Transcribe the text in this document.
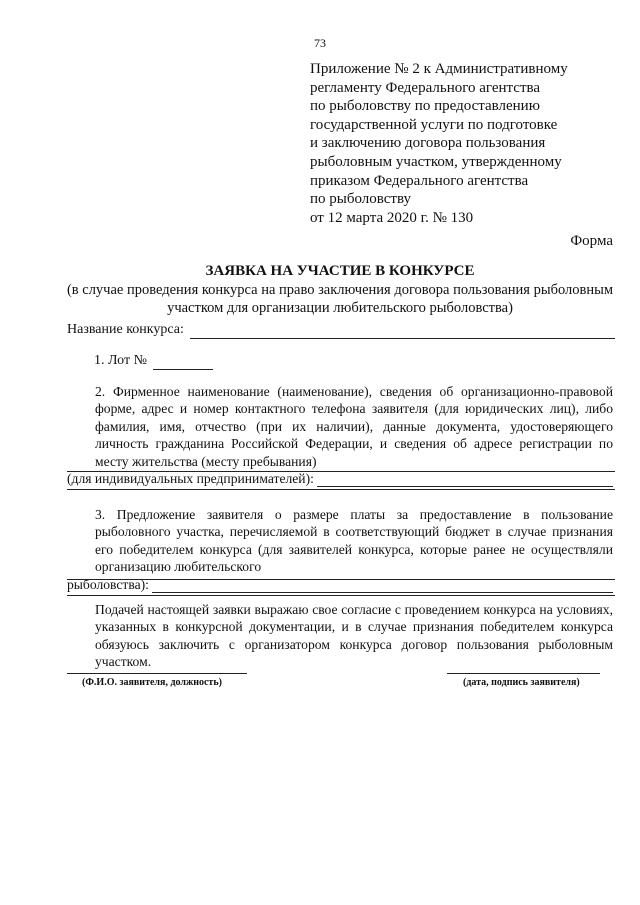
73
Приложение № 2 к Административному
регламенту Федерального агентства
по рыболовству по предоставлению
государственной услуги по подготовке
и заключению договора пользования
рыболовным участком, утвержденному
приказом Федерального агентства
по рыболовству
от 12 марта 2020 г. № 130
Форма
ЗАЯВКА НА УЧАСТИЕ В КОНКУРСЕ
(в случае проведения конкурса на право заключения договора пользования рыболовным
участком для организации любительского рыболовства)
Название конкурса:
1. Лот №
2. Фирменное наименование (наименование), сведения об организационно-правовой форме, адрес и номер контактного телефона заявителя (для юридических лиц), либо фамилия, имя, отчество (при их наличии), данные документа, удостоверяющего личность гражданина Российской Федерации, и сведения об адресе регистрации по месту жительства (месту пребывания)
(для индивидуальных предпринимателей):
3. Предложение заявителя о размере платы за предоставление в пользование рыболовного участка, перечисляемой в соответствующий бюджет в случае признания его победителем конкурса (для заявителей конкурса, которые ранее не осуществляли организацию любительского
рыболовства):
Подачей настоящей заявки выражаю свое согласие с проведением конкурса на условиях, указанных в конкурсной документации, и в случае признания победителем конкурса обязуюсь заключить с организатором конкурса договор пользования рыболовным участком.
(Ф.И.О. заявителя, должность)	(дата, подпись заявителя)
